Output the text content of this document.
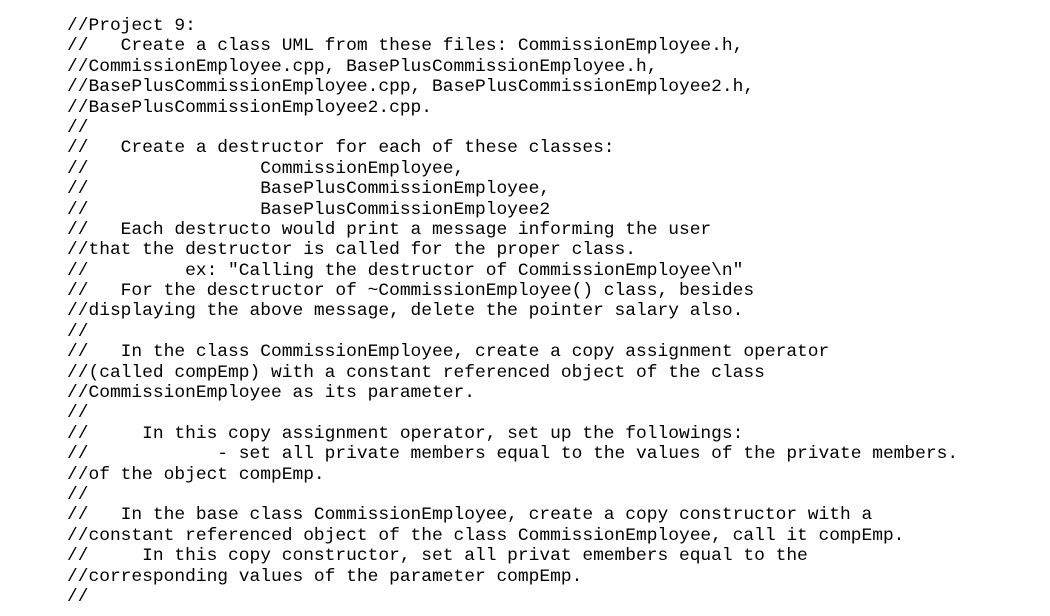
//Project 9:
//   Create a class UML from these files: CommissionEmployee.h,
//CommissionEmployee.cpp, BasePlusCommissionEmployee.h,
//BasePlusCommissionEmployee.cpp, BasePlusCommissionEmployee2.h,
//BasePlusCommissionEmployee2.cpp.
//
//   Create a destructor for each of these classes:
//                CommissionEmployee,
//                BasePlusCommissionEmployee,
//                BasePlusCommissionEmployee2
//   Each destructo would print a message informing the user
//that the destructor is called for the proper class.
//         ex: "Calling the destructor of CommissionEmployee\n"
//   For the desctructor of ~CommissionEmployee() class, besides
//displaying the above message, delete the pointer salary also.
//
//   In the class CommissionEmployee, create a copy assignment operator
//(called compEmp) with a constant referenced object of the class
//CommissionEmployee as its parameter.
//
//     In this copy assignment operator, set up the followings:
//            - set all private members equal to the values of the private members.
//of the object compEmp.
//
//   In the base class CommissionEmployee, create a copy constructor with a
//constant referenced object of the class CommissionEmployee, call it compEmp.
//     In this copy constructor, set all privat emembers equal to the
//corresponding values of the parameter compEmp.
//
